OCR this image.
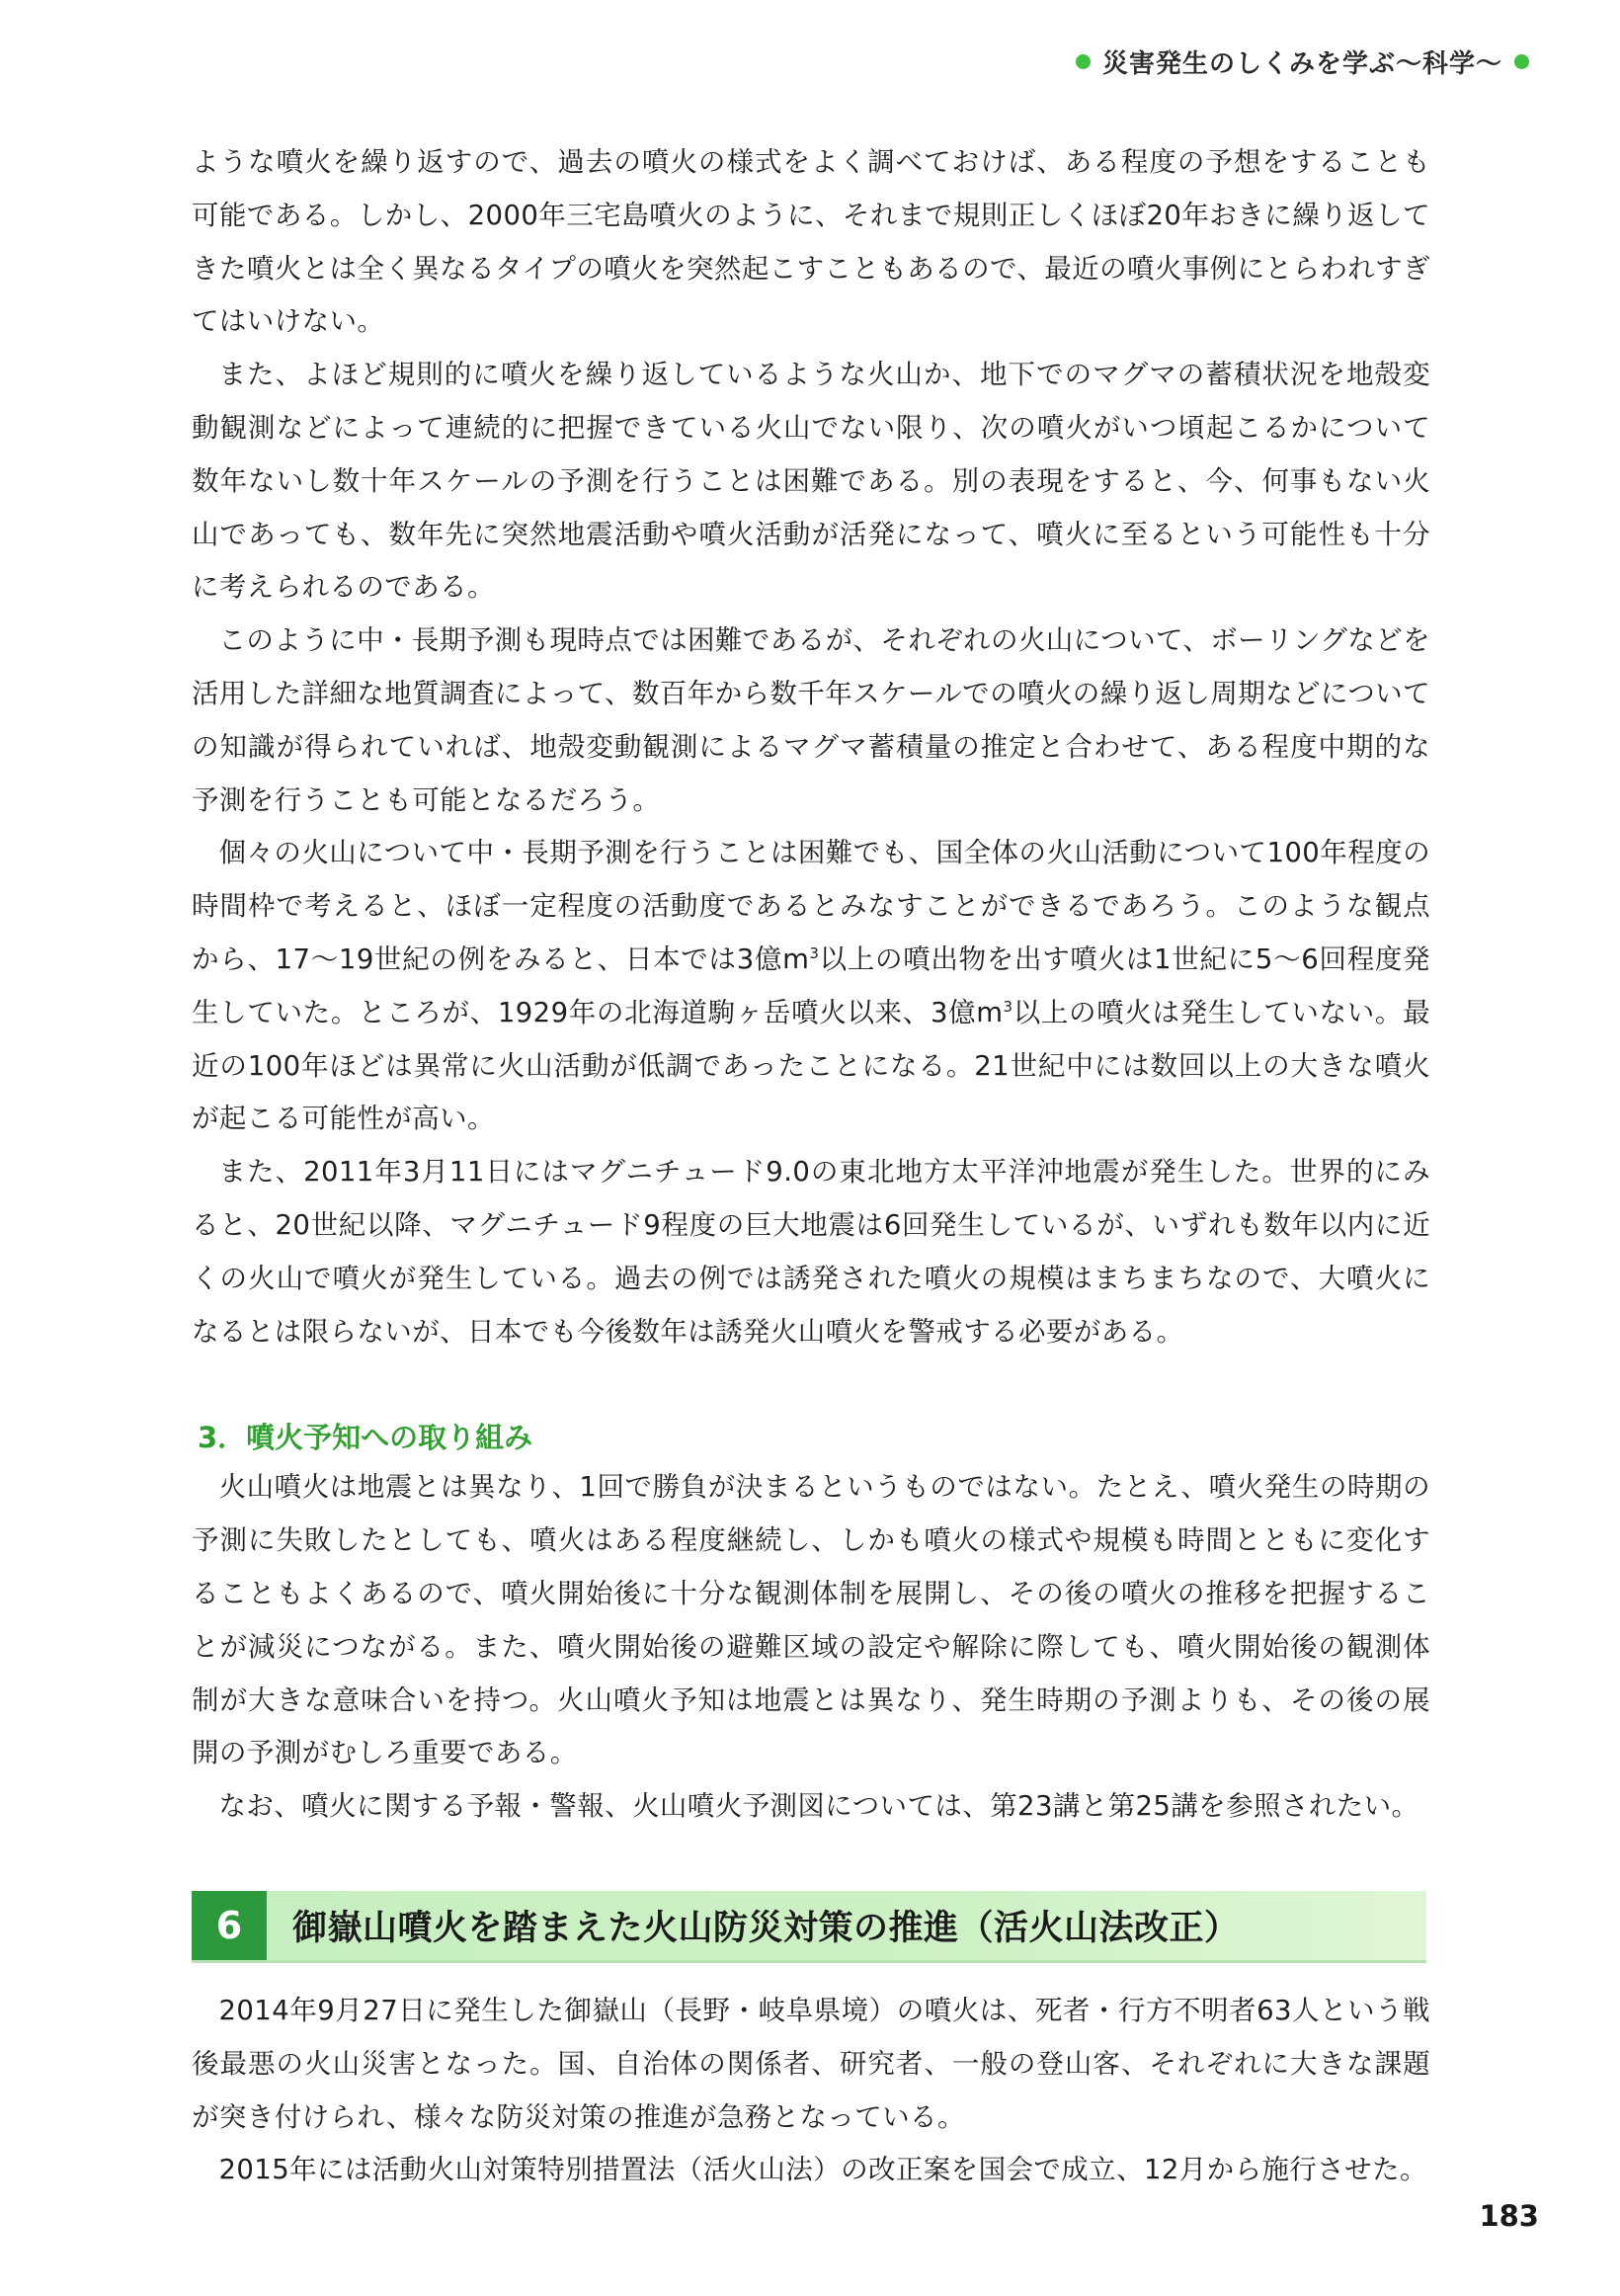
災害発生のしくみを学ぶ～科学～

ような噴火を繰り返すので、過去の噴火の様式をよく調べておけば、ある程度の予想をすることも可能である。しかし、2000年三宅島噴火のように、それまで規則正しくほぼ20年おきに繰り返してきた噴火とは全く異なるタイプの噴火を突然起こすこともあるので、最近の噴火事例にとらわれすぎてはいけない。

また、よほど規則的に噴火を繰り返しているような火山か、地下でのマグマの蓄積状況を地殻変動観測などによって連続的に把握できている火山でない限り、次の噴火がいつ頃起こるかについて数年ないし数十年スケールの予測を行うことは困難である。別の表現をすると、今、何事もない火山であっても、数年先に突然地震活動や噴火活動が活発になって、噴火に至るという可能性も十分に考えられるのである。

このように中・長期予測も現時点では困難であるが、それぞれの火山について、ボーリングなどを活用した詳細な地質調査によって、数百年から数千年スケールでの噴火の繰り返し周期などについての知識が得られていれば、地殻変動観測によるマグマ蓄積量の推定と合わせて、ある程度中期的な予測を行うことも可能となるだろう。

個々の火山について中・長期予測を行うことは困難でも、国全体の火山活動について100年程度の時間枠で考えると、ほぼ一定程度の活動度であるとみなすことができるであろう。このような観点から、17～19世紀の例をみると、日本では3億$m^3$以上の噴出物を出す噴火は1世紀に5～6回程度発生していた。ところが、1929年の北海道駒ヶ岳噴火以来、3億$m^3$以上の噴火は発生していない。最近の100年ほどは異常に火山活動が低調であったことになる。21世紀中には数回以上の大きな噴火が起こる可能性が高い。

また、2011年3月11日にはマグニチュード9.0の東北地方太平洋沖地震が発生した。世界的にみると、20世紀以降、マグニチュード9程度の巨大地震は6回発生しているが、いずれも数年以内に近くの火山で噴火が発生している。過去の例では誘発された噴火の規模はまちまちなので、大噴火になるとは限らないが、日本でも今後数年は誘発火山噴火を警戒する必要がある。

3．噴火予知への取り組み

火山噴火は地震とは異なり、1回で勝負が決まるというものではない。たとえ、噴火発生の時期の予測に失敗したとしても、噴火はある程度継続し、しかも噴火の様式や規模も時間とともに変化することもよくあるので、噴火開始後に十分な観測体制を展開し、その後の噴火の推移を把握することが減災につながる。また、噴火開始後の避難区域の設定や解除に際しても、噴火開始後の観測体制が大きな意味合いを持つ。火山噴火予知は地震とは異なり、発生時期の予測よりも、その後の展開の予測がむしろ重要である。

なお、噴火に関する予報・警報、火山噴火予測図については、第23講と第25講を参照されたい。

6	御嶽山噴火を踏まえた火山防災対策の推進（活火山法改正）

2014年9月27日に発生した御嶽山（長野・岐阜県境）の噴火は、死者・行方不明者63人という戦後最悪の火山災害となった。国、自治体の関係者、研究者、一般の登山客、それぞれに大きな課題が突き付けられ、様々な防災対策の推進が急務となっている。

2015年には活動火山対策特別措置法（活火山法）の改正案を国会で成立、12月から施行させた。

183
